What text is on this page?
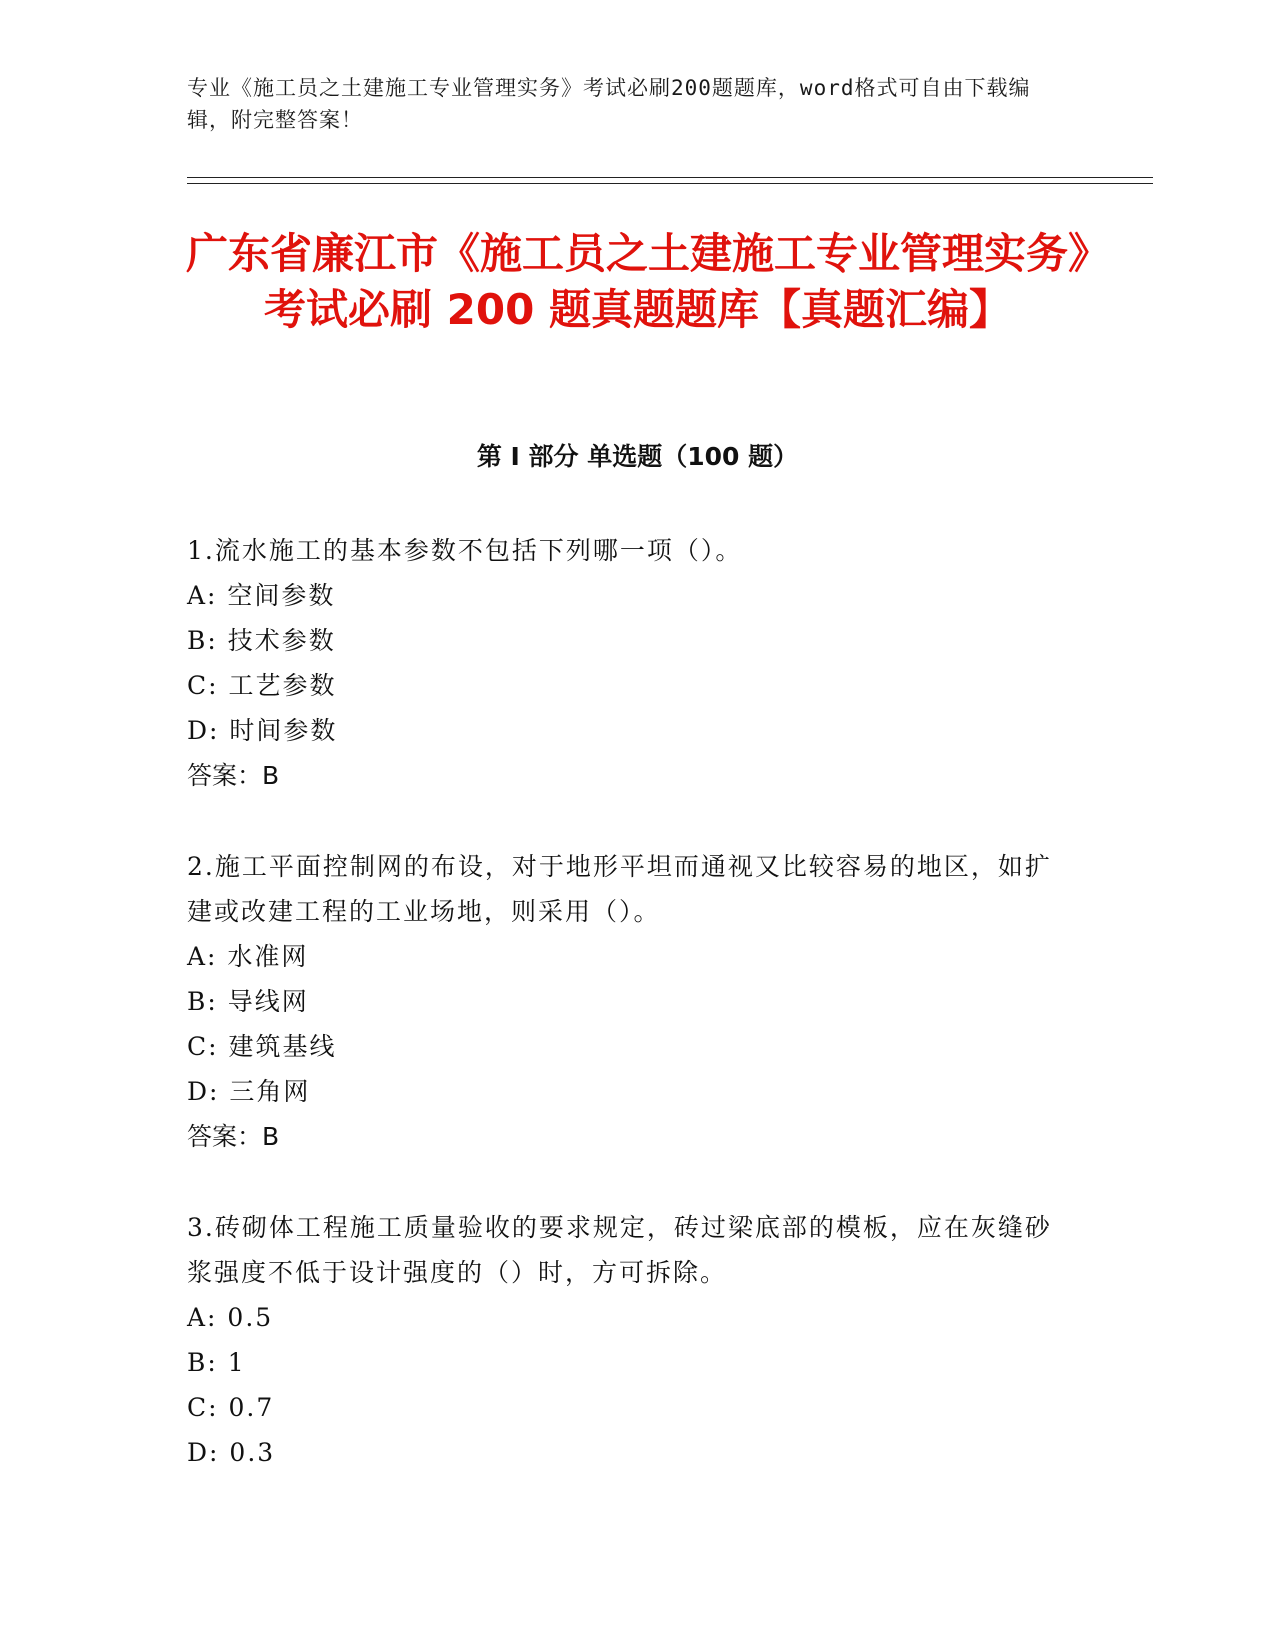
专业《施工员之土建施工专业管理实务》考试必刷200题题库，word格式可自由下载编辑，附完整答案！
广东省廉江市《施工员之土建施工专业管理实务》考试必刷 200 题真题题库【真题汇编】
第 I 部分 单选题（100 题）

1.流水施工的基本参数不包括下列哪一项（）。

A: 空间参数

B: 技术参数

C: 工艺参数

D: 时间参数

答案：B

2.施工平面控制网的布设，对于地形平坦而通视又比较容易的地区，如扩建或改建工程的工业场地，则采用（）。

A: 水准网

B: 导线网

C: 建筑基线

D: 三角网

答案：B

3.砖砌体工程施工质量验收的要求规定，砖过梁底部的模板，应在灰缝砂浆强度不低于设计强度的（）时，方可拆除。

A: 0.5

B: 1

C: 0.7

D: 0.3
